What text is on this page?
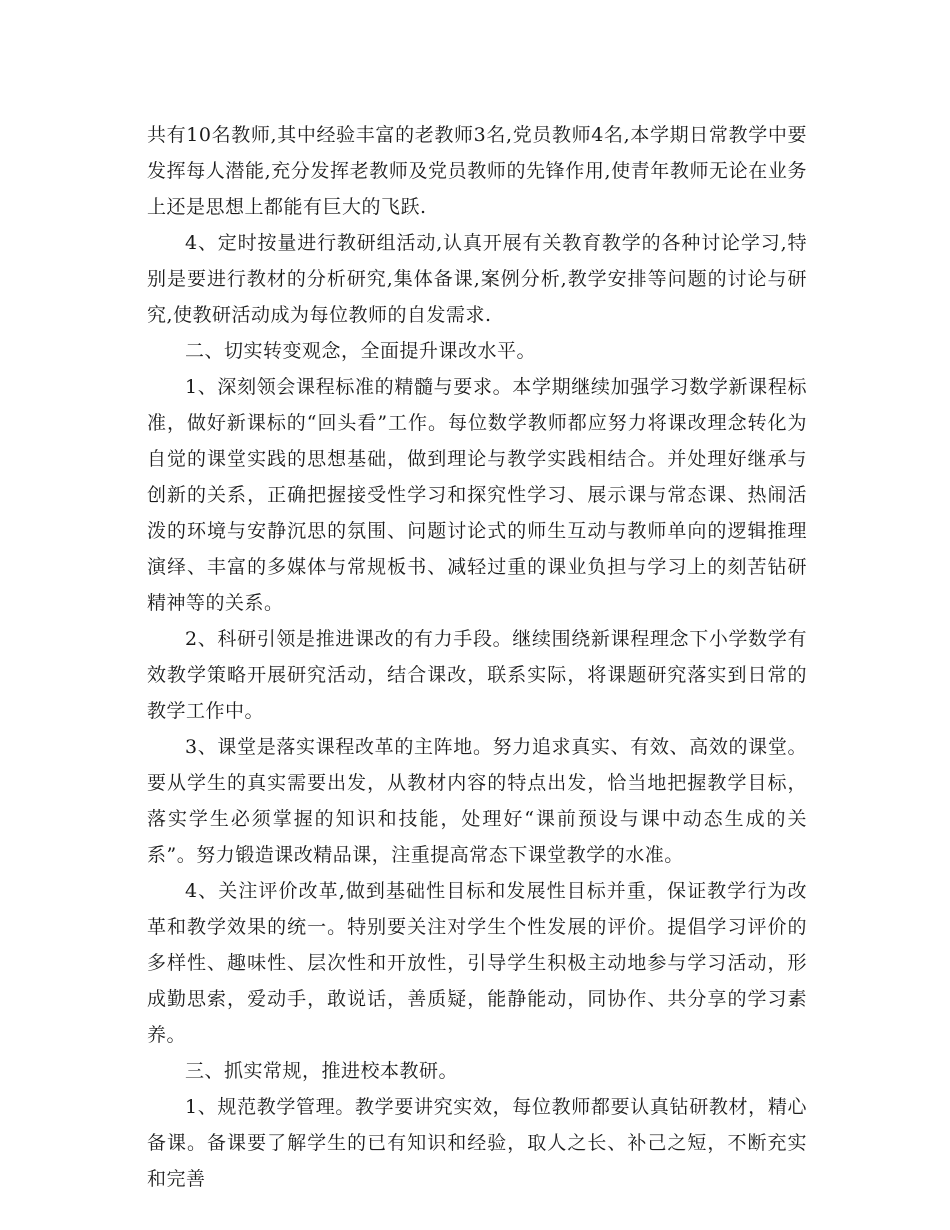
共有10名教师,其中经验丰富的老教师3名,党员教师4名,本学期日常教学中要发挥每人潜能,充分发挥老教师及党员教师的先锋作用,使青年教师无论在业务上还是思想上都能有巨大的飞跃.

4、定时按量进行教研组活动,认真开展有关教育教学的各种讨论学习,特别是要进行教材的分析研究,集体备课,案例分析,教学安排等问题的讨论与研究,使教研活动成为每位教师的自发需求.

二、切实转变观念，全面提升课改水平。

1、深刻领会课程标准的精髓与要求。本学期继续加强学习数学新课程标准，做好新课标的“回头看”工作。每位数学教师都应努力将课改理念转化为自觉的课堂实践的思想基础，做到理论与教学实践相结合。并处理好继承与创新的关系，正确把握接受性学习和探究性学习、展示课与常态课、热闹活泼的环境与安静沉思的氛围、问题讨论式的师生互动与教师单向的逻辑推理演绎、丰富的多媒体与常规板书、减轻过重的课业负担与学习上的刻苦钻研精神等的关系。

2、科研引领是推进课改的有力手段。继续围绕新课程理念下小学数学有效教学策略开展研究活动，结合课改，联系实际，将课题研究落实到日常的教学工作中。

3、课堂是落实课程改革的主阵地。努力追求真实、有效、高效的课堂。要从学生的真实需要出发，从教材内容的特点出发，恰当地把握教学目标，落实学生必须掌握的知识和技能，处理好“课前预设与课中动态生成的关系”。努力锻造课改精品课，注重提高常态下课堂教学的水准。

4、关注评价改革,做到基础性目标和发展性目标并重，保证教学行为改革和教学效果的统一。特别要关注对学生个性发展的评价。提倡学习评价的多样性、趣味性、层次性和开放性，引导学生积极主动地参与学习活动，形成勤思索，爱动手，敢说话，善质疑，能静能动，同协作、共分享的学习素养。

三、抓实常规，推进校本教研。

1、规范教学管理。教学要讲究实效，每位教师都要认真钻研教材，精心备课。备课要了解学生的已有知识和经验，取人之长、补己之短，不断充实和完善
